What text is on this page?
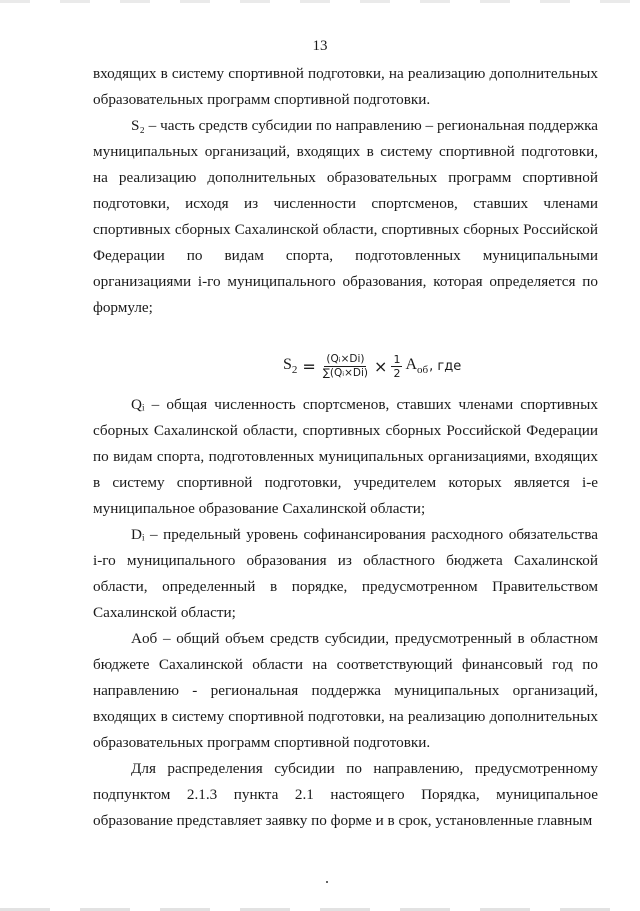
13

входящих в систему спортивной подготовки, на реализацию дополнительных образовательных программ спортивной подготовки.

S₂ – часть средств субсидии по направлению – региональная поддержка муниципальных организаций, входящих в систему спортивной подготовки, на реализацию дополнительных образовательных программ спортивной подготовки, исходя из численности спортсменов, ставших членами спортивных сборных Сахалинской области, спортивных сборных Российской Федерации по видам спорта, подготовленных муниципальными организациями i-го муниципального образования, которая определяется по формуле;

$S_2 = \frac{\text{(Qᵢ×Di)}}{\text{∑(Qᵢ×Di)}} \times \frac{1}{2} A_{об}$ , где

Qᵢ – общая численность спортсменов, ставших членами спортивных сборных Сахалинской области, спортивных сборных Российской Федерации по видам спорта, подготовленных муниципальных организациями, входящих в систему спортивной подготовки, учредителем которых является i-е муниципальное образование Сахалинской области;

Dᵢ – предельный уровень софинансирования расходного обязательства i-го муниципального образования из областного бюджета Сахалинской области, определенный в порядке, предусмотренном Правительством Сахалинской области;

Aоб – общий объем средств субсидии, предусмотренный в областном бюджете Сахалинской области на соответствующий финансовый год по направлению - региональная поддержка муниципальных организаций, входящих в систему спортивной подготовки, на реализацию дополнительных образовательных программ спортивной подготовки.

Для распределения субсидии по направлению, предусмотренному подпунктом 2.1.3 пункта 2.1 настоящего Порядка, муниципальное образование представляет заявку по форме и в срок, установленные главным
